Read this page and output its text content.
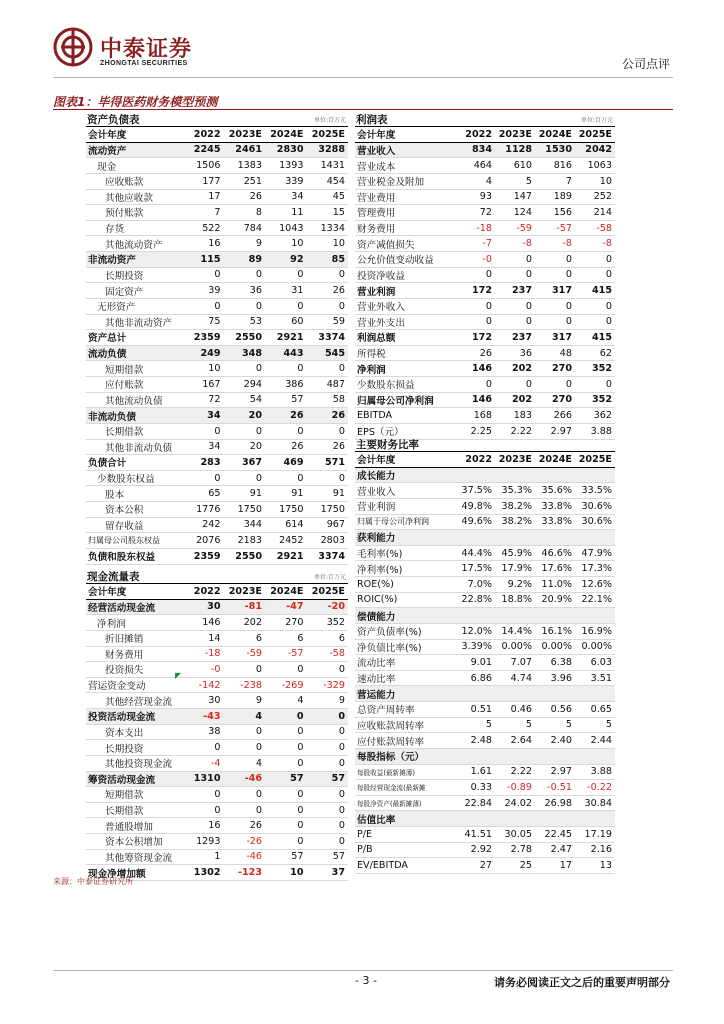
中泰证券
ZHONGTAI SECURITIES	公司点评
图表1：毕得医药财务模型预测
资产负债表	单位:百万元
会计年度	2022	2023E	2024E	2025E
流动资产	2245	2461	2830	3288
现金	1506	1383	1393	1431
应收账款	177	251	339	454
其他应收款	17	26	34	45
预付账款	7	8	11	15
存货	522	784	1043	1334
其他流动资产	16	9	10	10
非流动资产	115	89	92	85
长期投资	0	0	0	0
固定资产	39	36	31	26
无形资产	0	0	0	0
其他非流动资产	75	53	60	59
资产总计	2359	2550	2921	3374
流动负债	249	348	443	545
短期借款	10	0	0	0
应付账款	167	294	386	487
其他流动负债	72	54	57	58
非流动负债	34	20	26	26
长期借款	0	0	0	0
其他非流动负债	34	20	26	26
负债合计	283	367	469	571
少数股东权益	0	0	0	0
股本	65	91	91	91
资本公积	1776	1750	1750	1750
留存收益	242	344	614	967
归属母公司股东权益	2076	2183	2452	2803
负债和股东权益	2359	2550	2921	3374
现金流量表	单位:百万元
会计年度	2022	2023E	2024E	2025E
经营活动现金流	30	-81	-47	-20
净利润	146	202	270	352
折旧摊销	14	6	6	6
财务费用	-18	-59	-57	-58
投资损失	-0	0	0	0
营运资金变动	-142	-238	-269	-329
其他经营现金流	30	9	4	9
投资活动现金流	-43	4	0	0
资本支出	38	0	0	0
长期投资	0	0	0	0
其他投资现金流	-4	4	0	0
筹资活动现金流	1310	-46	57	57
短期借款	0	0	0	0
长期借款	0	0	0	0
普通股增加	16	26	0	0
资本公积增加	1293	-26	0	0
其他筹资现金流	1	-46	57	57
现金净增加额	1302	-123	10	37
利润表	单位:百万元
会计年度	2022	2023E	2024E	2025E
营业收入	834	1128	1530	2042
营业成本	464	610	816	1063
营业税金及附加	4	5	7	10
营业费用	93	147	189	252
管理费用	72	124	156	214
财务费用	-18	-59	-57	-58
资产减值损失	-7	-8	-8	-8
公允价值变动收益	-0	0	0	0
投资净收益	0	0	0	0
营业利润	172	237	317	415
营业外收入	0	0	0	0
营业外支出	0	0	0	0
利润总额	172	237	317	415
所得税	26	36	48	62
净利润	146	202	270	352
少数股东损益	0	0	0	0
归属母公司净利润	146	202	270	352
EBITDA	168	183	266	362
EPS（元）	2.25	2.22	2.97	3.88
主要财务比率
会计年度	2022	2023E	2024E	2025E
成长能力				
营业收入	37.5%	35.3%	35.6%	33.5%
营业利润	49.8%	38.2%	33.8%	30.6%
归属于母公司净利润	49.6%	38.2%	33.8%	30.6%
获利能力				
毛利率(%)	44.4%	45.9%	46.6%	47.9%
净利率(%)	17.5%	17.9%	17.6%	17.3%
ROE(%)	7.0%	9.2%	11.0%	12.6%
ROIC(%)	22.8%	18.8%	20.9%	22.1%
偿债能力				
资产负债率(%)	12.0%	14.4%	16.1%	16.9%
净负债比率(%)	3.39%	0.00%	0.00%	0.00%
流动比率	9.01	7.07	6.38	6.03
速动比率	6.86	4.74	3.96	3.51
营运能力				
总资产周转率	0.51	0.46	0.56	0.65
应收账款周转率	5	5	5	5
应付账款周转率	2.48	2.64	2.40	2.44
每股指标（元）				
每股收益(最新摊薄)	1.61	2.22	2.97	3.88
每股经营现金流(最新摊	0.33	-0.89	-0.51	-0.22
每股净资产(最新摊薄)	22.84	24.02	26.98	30.84
估值比率				
P/E	41.51	30.05	22.45	17.19
P/B	2.92	2.78	2.47	2.16
EV/EBITDA	27	25	17	13
◤
来源：中泰证券研究所
- 3 -	请务必阅读正文之后的重要声明部分
